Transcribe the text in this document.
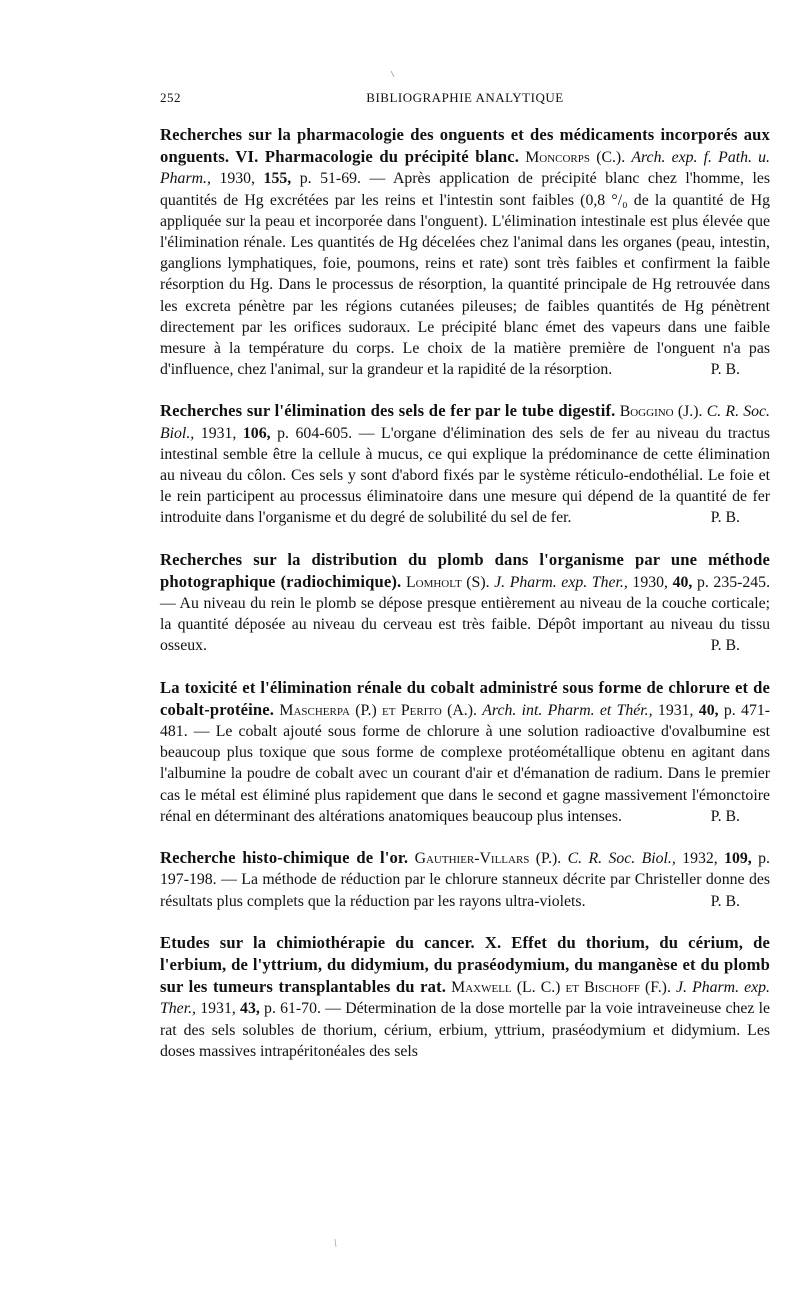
252	BIBLIOGRAPHIE ANALYTIQUE
Recherches sur la pharmacologie des onguents et des médicaments incorporés aux onguents. VI. Pharmacologie du précipité blanc. Moncorps (C.). Arch. exp. f. Path. u. Pharm., 1930, 155, p. 51-69. — Après application de précipité blanc chez l'homme, les quantités de Hg excrétées par les reins et l'intestin sont faibles (0,8 °/₀ de la quantité de Hg appliquée sur la peau et incorporée dans l'onguent). L'élimination intestinale est plus élevée que l'élimination rénale. Les quantités de Hg décelées chez l'animal dans les organes (peau, intestin, ganglions lymphatiques, foie, poumons, reins et rate) sont très faibles et confirment la faible résorption du Hg. Dans le processus de résorption, la quantité principale de Hg retrouvée dans les excreta pénètre par les régions cutanées pileuses; de faibles quantités de Hg pénètrent directement par les orifices sudoraux. Le précipité blanc émet des vapeurs dans une faible mesure à la température du corps. Le choix de la matière première de l'onguent n'a pas d'influence, chez l'animal, sur la grandeur et la rapidité de la résorption.	P. B.
Recherches sur l'élimination des sels de fer par le tube digestif. Boggino (J.). C. R. Soc. Biol., 1931, 106, p. 604-605. — L'organe d'élimination des sels de fer au niveau du tractus intestinal semble être la cellule à mucus, ce qui explique la prédominance de cette élimination au niveau du côlon. Ces sels y sont d'abord fixés par le système réticulo-endothélial. Le foie et le rein participent au processus éliminatoire dans une mesure qui dépend de la quantité de fer introduite dans l'organisme et du degré de solubilité du sel de fer.	P. B.
Recherches sur la distribution du plomb dans l'organisme par une méthode photographique (radiochimique). Lomholt (S). J. Pharm. exp. Ther., 1930, 40, p. 235-245. — Au niveau du rein le plomb se dépose presque entièrement au niveau de la couche corticale; la quantité déposée au niveau du cerveau est très faible. Dépôt important au niveau du tissu osseux.	P. B.
La toxicité et l'élimination rénale du cobalt administré sous forme de chlorure et de cobalt-protéine. Mascherpa (P.) et Perito (A.). Arch. int. Pharm. et Thér., 1931, 40, p. 471-481. — Le cobalt ajouté sous forme de chlorure à une solution radioactive d'ovalbumine est beaucoup plus toxique que sous forme de complexe protéométallique obtenu en agitant dans l'albumine la poudre de cobalt avec un courant d'air et d'émanation de radium. Dans le premier cas le métal est éliminé plus rapidement que dans le second et gagne massivement l'émonctoire rénal en déterminant des altérations anatomiques beaucoup plus intenses.	P. B.
Recherche histo-chimique de l'or. Gauthier-Villars (P.). C. R. Soc. Biol., 1932, 109, p. 197-198. — La méthode de réduction par le chlorure stanneux décrite par Christeller donne des résultats plus complets que la réduction par les rayons ultra-violets.	P. B.
Etudes sur la chimiothérapie du cancer. X. Effet du thorium, du cérium, de l'erbium, de l'yttrium, du didymium, du praséodymium, du manganèse et du plomb sur les tumeurs transplantables du rat. Maxwell (L. C.) et Bischoff (F.). J. Pharm. exp. Ther., 1931, 43, p. 61-70. — Détermination de la dose mortelle par la voie intraveineuse chez le rat des sels solubles de thorium, cérium, erbium, yttrium, praséodymium et didymium. Les doses massives intrapéritonéales des sels
